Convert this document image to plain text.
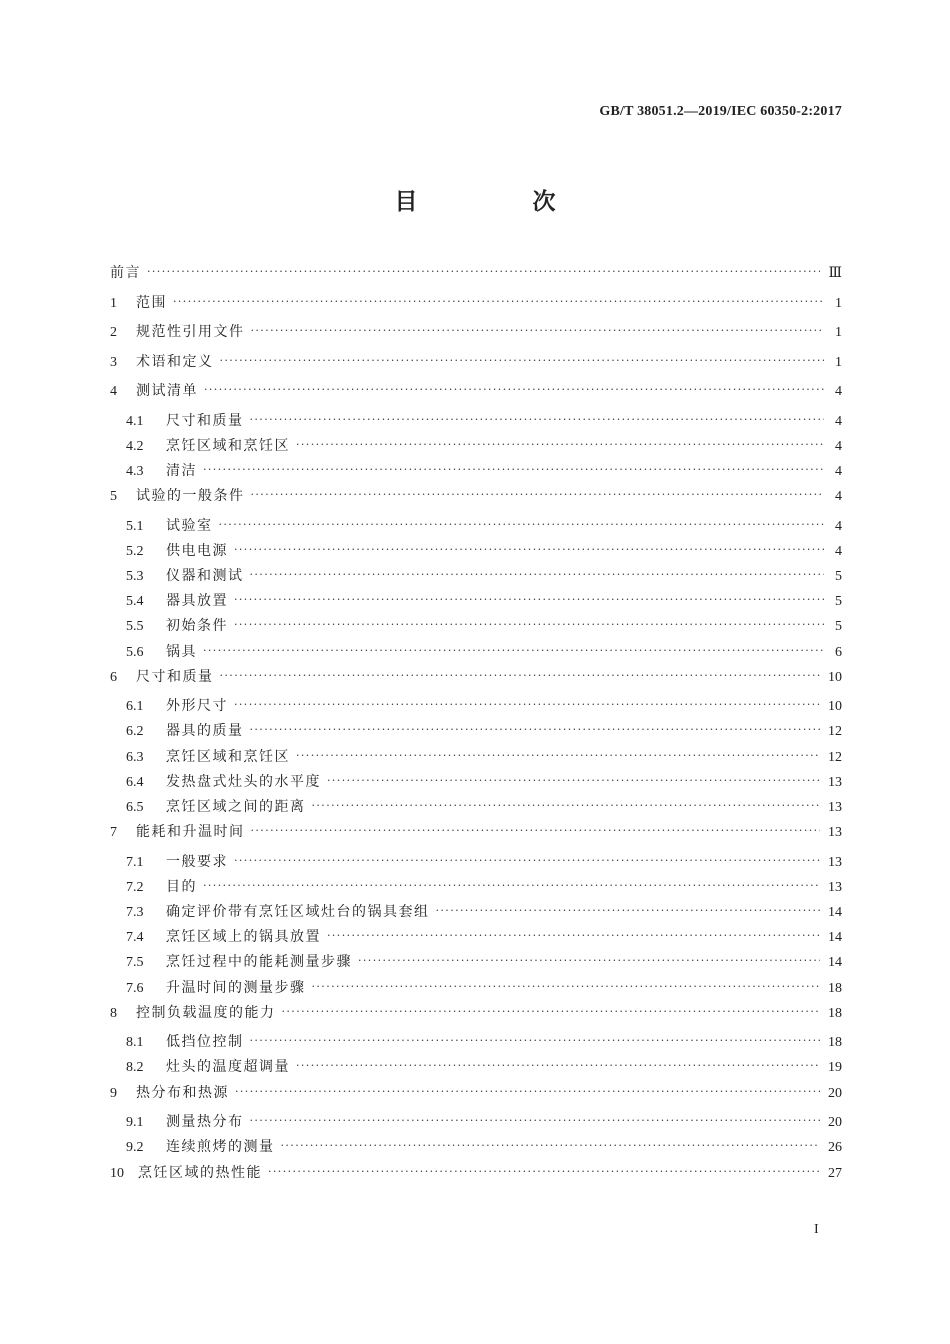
GB/T 38051.2—2019/IEC 60350-2:2017
目　次
前言 ·····	Ⅲ
1	范围 ·····	1
2	规范性引用文件 ·····	1
3	术语和定义 ·····	1
4	测试清单 ·····	4
4.1	尺寸和质量 ·····	4
4.2	烹饪区域和烹饪区 ·····	4
4.3	清洁 ·····	4
5	试验的一般条件 ·····	4
5.1	试验室 ·····	4
5.2	供电电源 ·····	4
5.3	仪器和测试 ·····	5
5.4	器具放置 ·····	5
5.5	初始条件 ·····	5
5.6	锅具 ·····	6
6	尺寸和质量 ·····	10
6.1	外形尺寸 ·····	10
6.2	器具的质量 ·····	12
6.3	烹饪区域和烹饪区 ·····	12
6.4	发热盘式灶头的水平度 ·····	13
6.5	烹饪区域之间的距离 ·····	13
7	能耗和升温时间 ·····	13
7.1	一般要求 ·····	13
7.2	目的 ·····	13
7.3	确定评价带有烹饪区域灶台的锅具套组 ·····	14
7.4	烹饪区域上的锅具放置 ·····	14
7.5	烹饪过程中的能耗测量步骤 ·····	14
7.6	升温时间的测量步骤 ·····	18
8	控制负载温度的能力 ·····	18
8.1	低挡位控制 ·····	18
8.2	灶头的温度超调量 ·····	19
9	热分布和热源 ·····	20
9.1	测量热分布 ·····	20
9.2	连续煎烤的测量 ·····	26
10	烹饪区域的热性能 ·····	27
I
